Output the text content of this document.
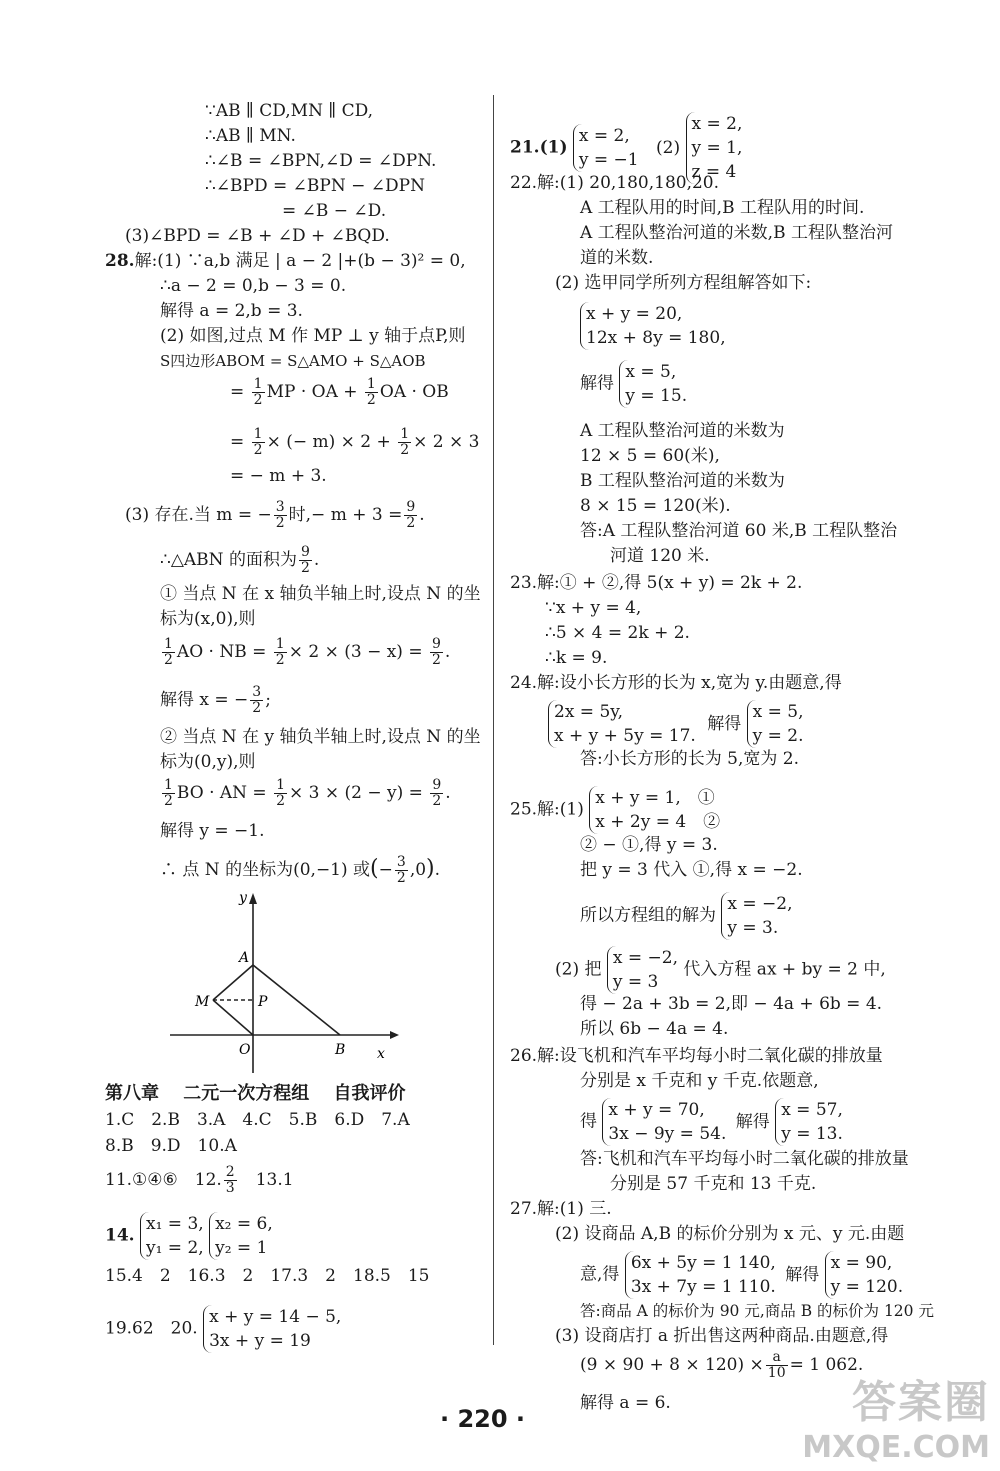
∵AB ∥ CD,MN ∥ CD,
∴AB ∥ MN.
∴∠B = ∠BPN,∠D = ∠DPN.
∴∠BPD = ∠BPN − ∠DPN
= ∠B − ∠D.
(3)∠BPD = ∠B + ∠D + ∠BQD.
28.解:(1) ∵a,b 满足 | a − 2 |+(b − 3)² = 0,
∴a − 2 = 0,b − 3 = 0.
解得 a = 2,b = 3.
(2) 如图,过点 M 作 MP ⊥ y 轴于点P,则
S四边形ABOM = S△AMO + S△AOB
= $\frac{1}{2}$ MP · OA + $\frac{1}{2}$ OA · OB
= $\frac{1}{2}$ × (− $m) \times 2 + \frac{1}{2} \times 2 \times 3$
= − m + 3.
(3) 存在.当 m = − $\frac{3}{2}$ 时,− $m + 3 = \frac{9}{2}$ .
∴△ABN 的面积为 $\frac{9}{2}$ .
① 当点 N 在 x 轴负半轴上时,设点 N 的坐
标为(x,0),则
$\frac{1}{2}$ AO · NB = $\frac{1}{2} \times 2 \times (3 - x) = \frac{9}{2}$ .
解得 x = − $\frac{3}{2}$ ;
② 当点 N 在 y 轴负半轴上时,设点 N 的坐
标为(0,y),则
$\frac{1}{2}$ BO · AN = $\frac{1}{2} \times 3 \times (2 - y) = \frac{9}{2}$ .
解得 y = −1.
∴ 点 N 的坐标为(0,−1) 或(− $\frac{3}{2} ,0$).
y
x
A
M	P
O	B
第八章　 二元一次方程组　 自我评价
1.C　2.B　3.A　4.C　5.B　6.D　7.A
8.B　9.D　10.A
11.①④⑥　12. $\frac{2}{3}$
　 13.1
14.
x₁ = 3,
y₁ = 2,

x₂ = 6,
y₂ = 1
15.4　2　16.3　2　17.3　2　18.5　15
19.62　20.
x + y = 14 − 5,
3x + y = 19
21.(1)
x = 2,
y = −1
(2)
x = 2,
y = 1,
z = 4
22.解:(1) 20,180,180,20.
A 工程队用的时间,B 工程队用的时间.
A 工程队整治河道的米数,B 工程队整治河
道的米数.
(2) 选甲同学所列方程组解答如下:
x + y = 20,
12x + 8y = 180,
解得
x = 5,
y = 15.
A 工程队整治河道的米数为
12 × 5 = 60(米),
B 工程队整治河道的米数为
8 × 15 = 120(米).
答:A 工程队整治河道 60 米,B 工程队整治
河道 120 米.
23.解:① + ②,得 5(x + y) = 2k + 2.
∵x + y = 4,
∴5 × 4 = 2k + 2.
∴k = 9.
24.解:设小长方形的长为 x,宽为 y.由题意,得
2x = 5y,
x + y + 5y = 17.
解得
x = 5,
y = 2.
答:小长方形的长为 5,宽为 2.
25.解:(1)
x + y = 1,　①
x + 2y = 4　②
② − ①,得 y = 3.
把 y = 3 代入 ①,得 x = −2.
所以方程组的解为
x = −2,
y = 3.
(2) 把
x = −2,
y = 3
代入方程 ax + by = 2 中,
得 − 2a + 3b = 2,即 − 4a + 6b = 4.
所以 6b − 4a = 4.
26.解:设飞机和汽车平均每小时二氧化碳的排放量
分别是 x 千克和 y 千克.依题意,
得
x + y = 70,
3x − 9y = 54.
解得
x = 57,
y = 13.
答:飞机和汽车平均每小时二氧化碳的排放量
分别是 57 千克和 13 千克.
27.解:(1) 三.
(2) 设商品 A,B 的标价分别为 x 元、y 元.由题
意,得
6x + 5y = 1 140,
3x + 7y = 1 110.
解得
x = 90,
y = 120.
答:商品 A 的标价为 90 元,商品 B 的标价为 120 元
(3) 设商店打 a 折出售这两种商品.由题意,得
$(9 \times 90 + 8 \times 120) \times \frac{a}{10} = 1$ 062.
解得 a = 6.
· 220 ·	答案圈
MXQE.COM
